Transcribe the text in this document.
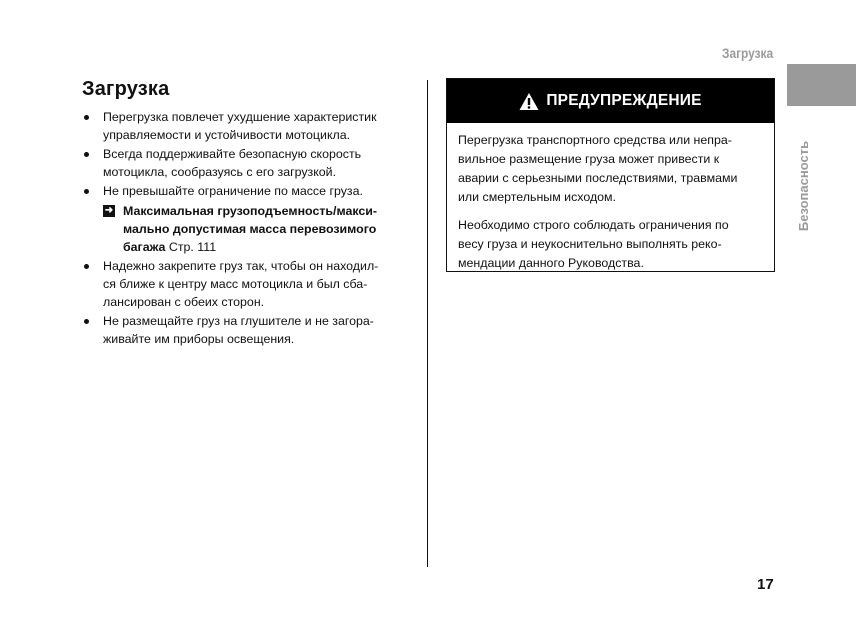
Загрузка
Безопасность
Загрузка
Перегрузка повлечет ухудшение характеристик
управляемости и устойчивости мотоцикла.
Всегда поддерживайте безопасную скорость
мотоцикла, сообразуясь с его загрузкой.
Не превышайте ограничение по массе груза.
➜ Максимальная грузоподъемность/макси-
мально допустимая масса перевозимого
багажа Стр. 111
Надежно закрепите груз так, чтобы он находил-
ся ближе к центру масс мотоцикла и был сба-
лансирован с обеих сторон.
Не размещайте груз на глушителе и не загора-
живайте им приборы освещения.
ПРЕДУПРЕЖДЕНИЕ

Перегрузка транспортного средства или непра-
вильное размещение груза может привести к
аварии с серьезными последствиями, травмами
или смертельным исходом.

Необходимо строго соблюдать ограничения по
весу груза и неукоснительно выполнять реко-
мендации данного Руководства.

17
